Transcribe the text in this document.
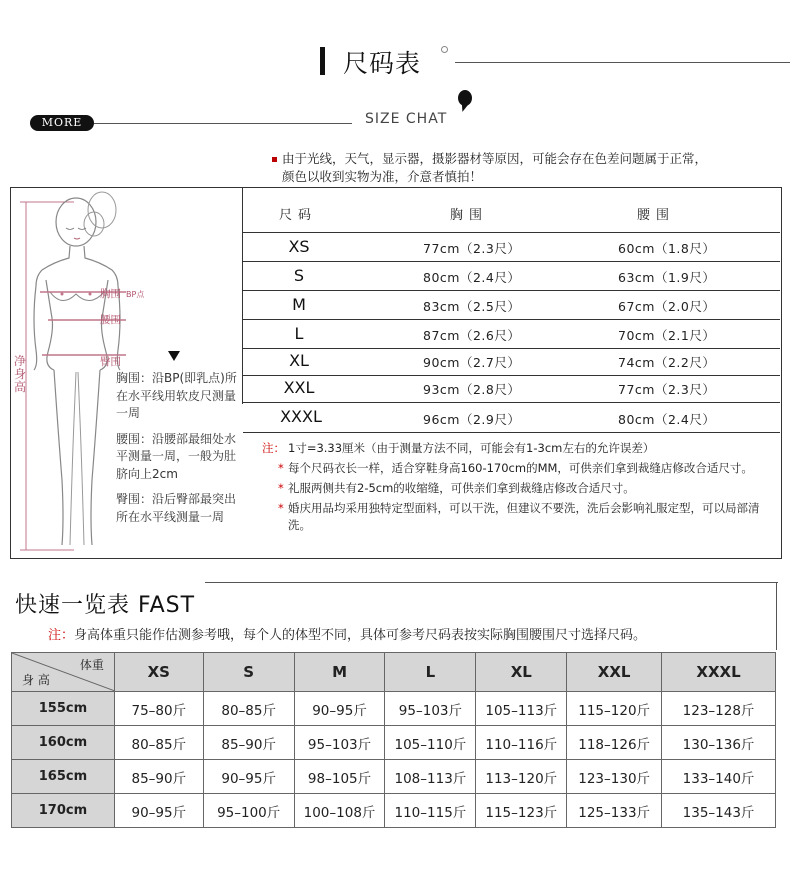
尺码表
MORE	SIZE CHAT
由于光线，天气，显示器，摄影器材等原因，可能会存在色差问题属于正常，
颜色以收到实物为准，介意者慎拍！
净身高
胸围 BP点
腰围
臀围

胸围：沿BP(即乳点)所在水平线用软皮尺测量一周

腰围：沿腰部最细处水平测量一周，一般为肚脐向上2cm

臀围：沿后臀部最突出所在水平线测量一周

尺码	胸围	腰围
XS	77cm（2.3尺）	60cm（1.8尺）
S	80cm（2.4尺）	63cm（1.9尺）
M	83cm（2.5尺）	67cm（2.0尺）
L	87cm（2.6尺）	70cm（2.1尺）
XL	90cm（2.7尺）	74cm（2.2尺）
XXL	93cm（2.8尺）	77cm（2.3尺）
XXXL	96cm（2.9尺）	80cm（2.4尺）
注： 1寸=3.33厘米（由于测量方法不同，可能会有1-3cm左右的允许误差）
* 每个尺码衣长一样，适合穿鞋身高160-170cm的MM，可供亲们拿到裁缝店修改合适尺寸。
* 礼服两侧共有2-5cm的收缩缝，可供亲们拿到裁缝店修改合适尺寸。
* 婚庆用品均采用独特定型面料，可以干洗，但建议不要洗，洗后会影响礼服定型，可以局部清洗。
快速一览表 FAST
注：身高体重只能作估测参考哦，每个人的体型不同，具体可参考尺码表按实际胸围腰围尺寸选择尺码。
体重
身 高	XS	S	M	L	XL	XXL	XXXL
155cm	75–80斤	80–85斤	90–95斤	95–103斤	105–113斤	115–120斤	123–128斤
160cm	80–85斤	85–90斤	95–103斤	105–110斤	110–116斤	118–126斤	130–136斤
165cm	85–90斤	90–95斤	98–105斤	108–113斤	113–120斤	123–130斤	133–140斤
170cm	90–95斤	95–100斤	100–108斤	110–115斤	115–123斤	125–133斤	135–143斤
